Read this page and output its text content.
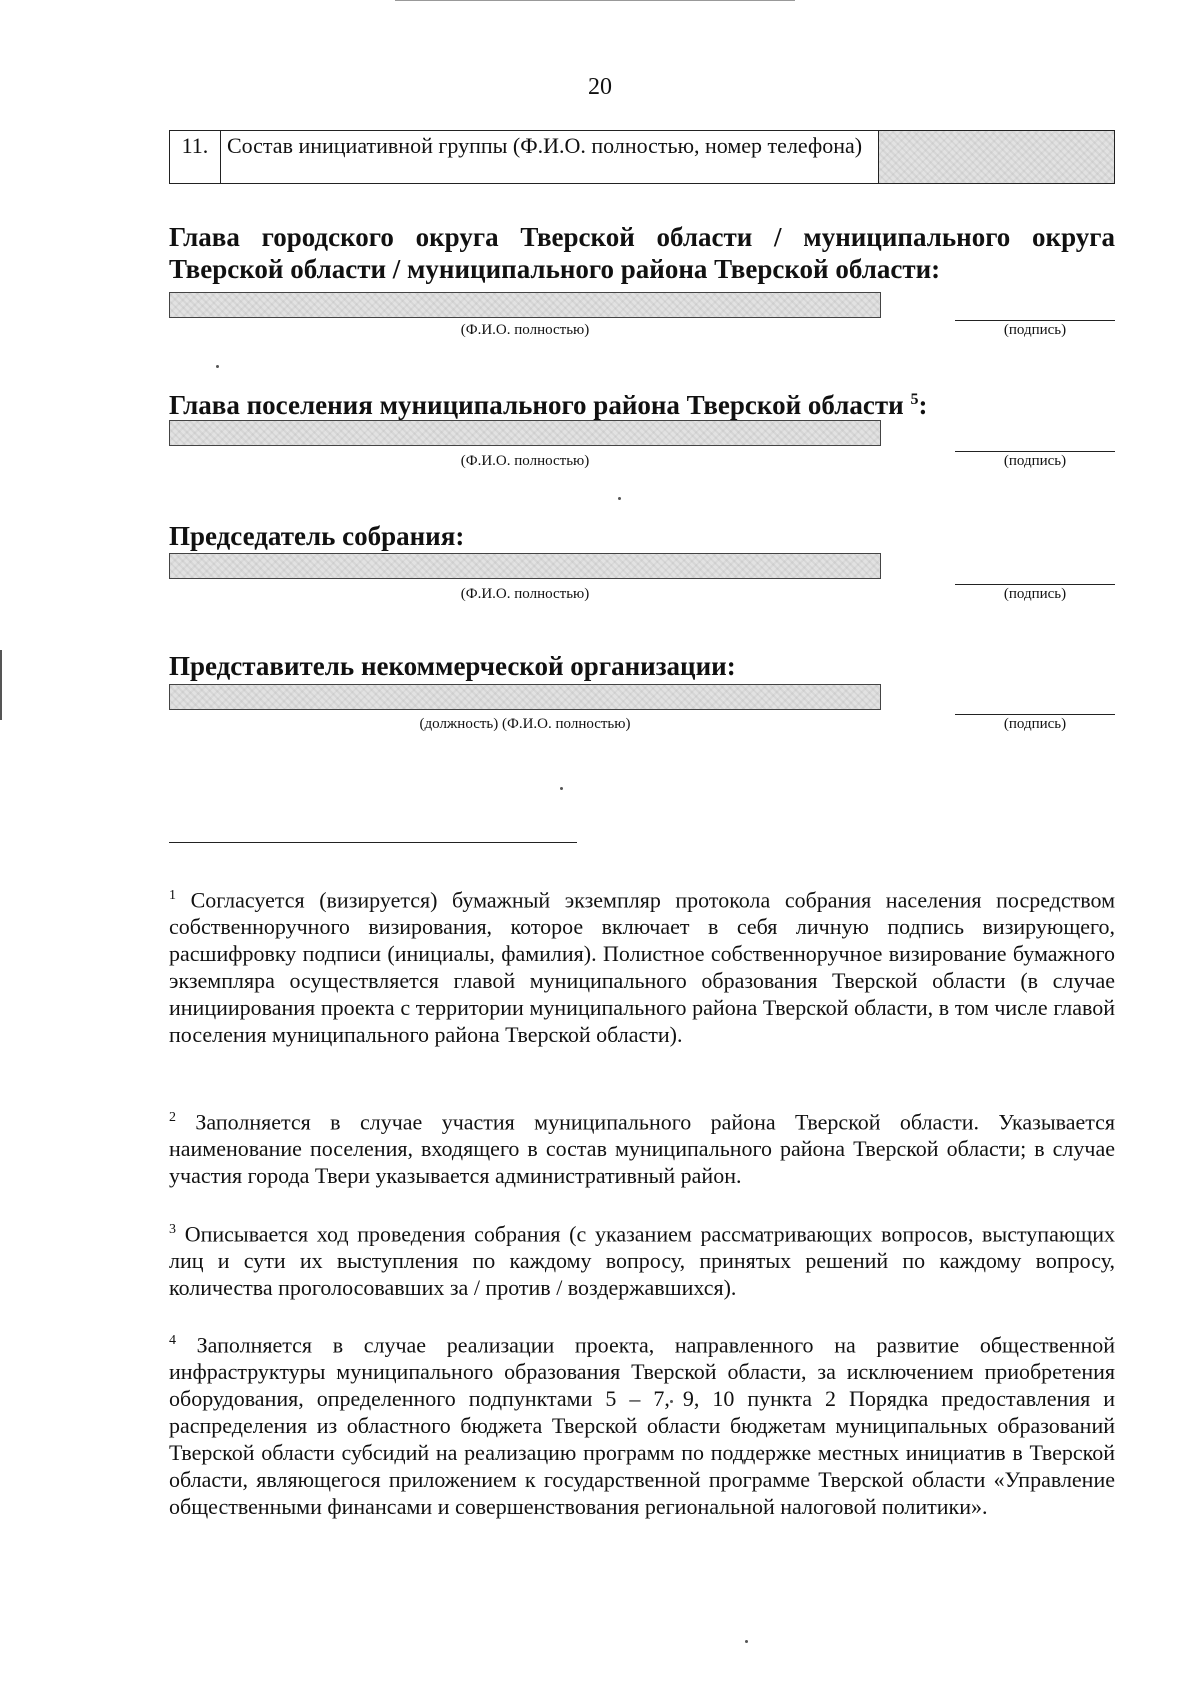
20
11.	Состав инициативной группы (Ф.И.О. полностью, номер телефона)	
Глава городского округа Тверской области / муниципального округа Тверской области / муниципального района Тверской области:
(Ф.И.О. полностью)	(подпись)
Глава поселения муниципального района Тверской области $^5$:
(Ф.И.О. полностью)	(подпись)
Председатель собрания:
(Ф.И.О. полностью)	(подпись)
Представитель некоммерческой организации:
(должность) (Ф.И.О. полностью)	(подпись)
$^1$ Согласуется (визируется) бумажный экземпляр протокола собрания населения посредством собственноручного визирования, которое включает в себя личную подпись визирующего, расшифровку подписи (инициалы, фамилия). Полистное собственноручное визирование бумажного экземпляра осуществляется главой муниципального образования Тверской области (в случае инициирования проекта с территории муниципального района Тверской области, в том числе главой поселения муниципального района Тверской области).
$^2$ Заполняется в случае участия муниципального района Тверской области. Указывается наименование поселения, входящего в состав муниципального района Тверской области; в случае участия города Твери указывается административный район.
$^3$ Описывается ход проведения собрания (с указанием рассматривающих вопросов, выступающих лиц и сути их выступления по каждому вопросу, принятых решений по каждому вопросу, количества проголосовавших за / против / воздержавшихся).
$^4$ Заполняется в случае реализации проекта, направленного на развитие общественной инфраструктуры муниципального образования Тверской области, за исключением приобретения оборудования, определенного подпунктами 5 – 7, 9, 10 пункта 2 Порядка предоставления и распределения из областного бюджета Тверской области бюджетам муниципальных образований Тверской области субсидий на реализацию программ по поддержке местных инициатив в Тверской области, являющегося приложением к государственной программе Тверской области «Управление общественными финансами и совершенствования региональной налоговой политики».
